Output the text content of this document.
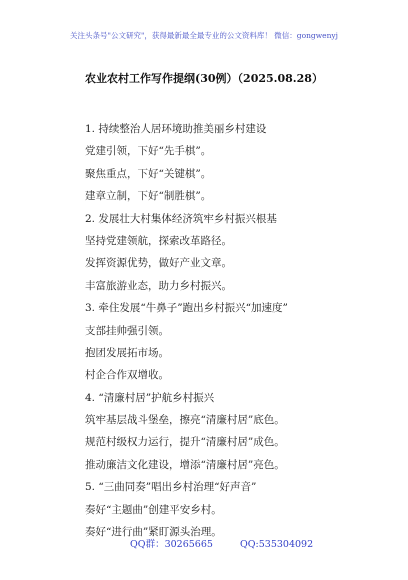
关注头条号"公文研究"，获得最新最全最专业的公文资料库！ 微信：gongwenyj
农业农村工作写作提纲(30例）（2025.08.28）
1. 持续整治人居环境助推美丽乡村建设
党建引领，下好“先手棋”。
聚焦重点，下好“关键棋”。
建章立制，下好“制胜棋”。
2. 发展壮大村集体经济筑牢乡村振兴根基
坚持党建领航，探索改革路径。
发挥资源优势，做好产业文章。
丰富旅游业态，助力乡村振兴。
3. 牵住发展“牛鼻子”跑出乡村振兴“加速度”
支部挂帅强引领。
抱团发展拓市场。
村企合作双增收。
4. “清廉村居”护航乡村振兴
筑牢基层战斗堡垒，擦亮“清廉村居”底色。
规范村级权力运行，提升“清廉村居”成色。
推动廉洁文化建设，增添“清廉村居”亮色。
5. “三曲同奏”唱出乡村治理“好声音”
奏好“主题曲”创建平安乡村。
奏好“进行曲”紧盯源头治理。
QQ群：30265665	QQ:535304092
